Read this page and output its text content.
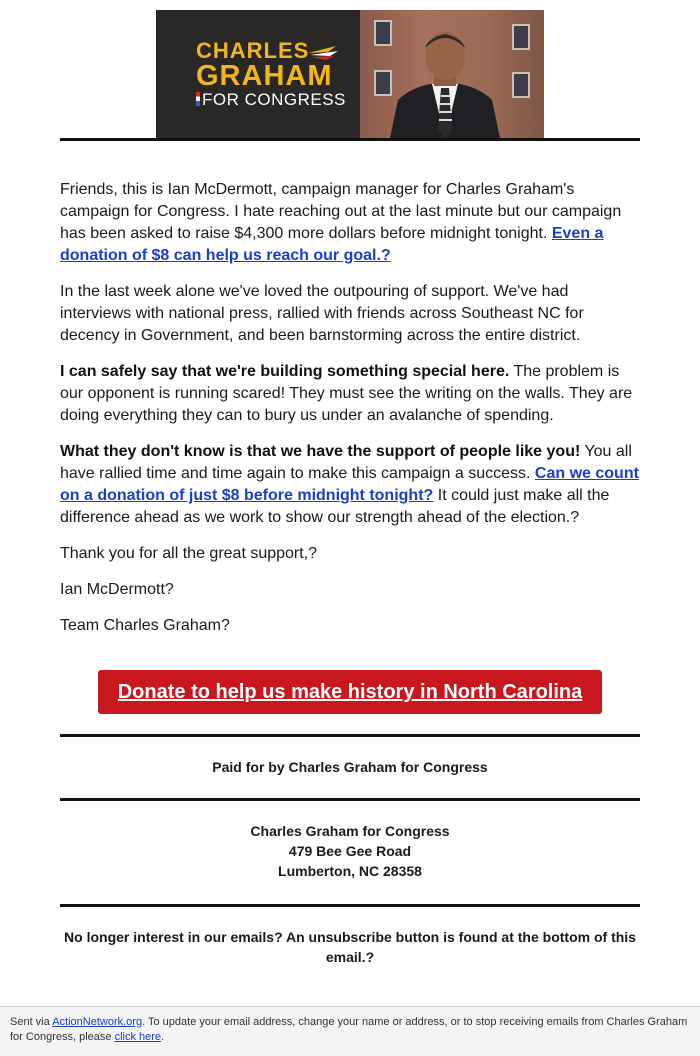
CHARLES
GRAHAM
FOR CONGRESS

Friends, this is Ian McDermott, campaign manager for Charles Graham's campaign for Congress. I hate reaching out at the last minute but our campaign has been asked to raise $4,300 more dollars before midnight tonight. Even a donation of $8 can help us reach our goal.?

In the last week alone we've loved the outpouring of support. We've had interviews with national press, rallied with friends across Southeast NC for decency in Government, and been barnstorming across the entire district.

I can safely say that we're building something special here. The problem is our opponent is running scared! They must see the writing on the walls. They are doing everything they can to bury us under an avalanche of spending.

What they don't know is that we have the support of people like you! You all have rallied time and time again to make this campaign a success. Can we count on a donation of just $8 before midnight tonight? It could just make all the difference ahead as we work to show our strength ahead of the election.?

Thank you for all the great support,?

Ian McDermott?

Team Charles Graham?

Donate to help us make history in North Carolina
Paid for by Charles Graham for Congress
Charles Graham for Congress
479 Bee Gee Road
Lumberton, NC 28358
No longer interest in our emails? An unsubscribe button is found at the bottom of this email.?
Sent via ActionNetwork.org. To update your email address, change your name or address, or to stop receiving emails from Charles Graham for Congress, please click here.
